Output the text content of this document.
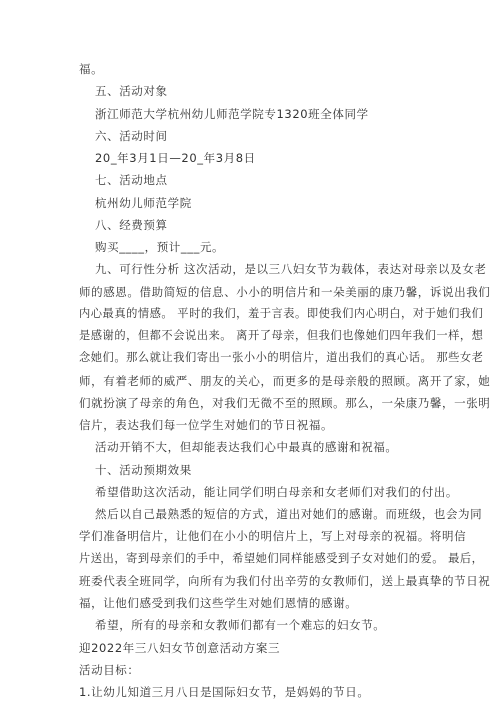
福。
五、活动对象
浙江师范大学杭州幼儿师范学院专1320班全体同学
六、活动时间
20_年3月1日—20_年3月8日
七、活动地点
杭州幼儿师范学院
八、经费预算
购买____，预计___元。
九、可行性分析 这次活动，是以三八妇女节为载体，表达对母亲以及女老
师的感恩。借助简短的信息、小小的明信片和一朵美丽的康乃馨，诉说出我们
内心最真的情感。 平时的我们，羞于言表。即使我们内心明白，对于她们我们
是感谢的，但都不会说出来。 离开了母亲，但我们也像她们四年我们一样，想
念她们。那么就让我们寄出一张小小的明信片，道出我们的真心话。 那些女老
师，有着老师的威严、朋友的关心，而更多的是母亲般的照顾。离开了家，她
们就扮演了母亲的角色，对我们无微不至的照顾。那么，一朵康乃馨，一张明
信片，表达我们每一位学生对她们的节日祝福。
活动开销不大，但却能表达我们心中最真的感谢和祝福。
十、活动预期效果
希望借助这次活动，能让同学们明白母亲和女老师们对我们的付出。
然后以自己最熟悉的短信的方式，道出对她们的感谢。而班级，也会为同
学们准备明信片，让他们在小小的明信片上，写上对母亲的祝福。将明信
片送出，寄到母亲们的手中，希望她们同样能感受到子女对她们的爱。 最后，
班委代表全班同学，向所有为我们付出辛劳的女教师们，送上最真挚的节日祝
福，让他们感受到我们这些学生对她们恩情的感谢。
希望，所有的母亲和女教师们都有一个难忘的妇女节。
迎2022年三八妇女节创意活动方案三
活动目标：
1.让幼儿知道三月八日是国际妇女节，是妈妈的节日。
